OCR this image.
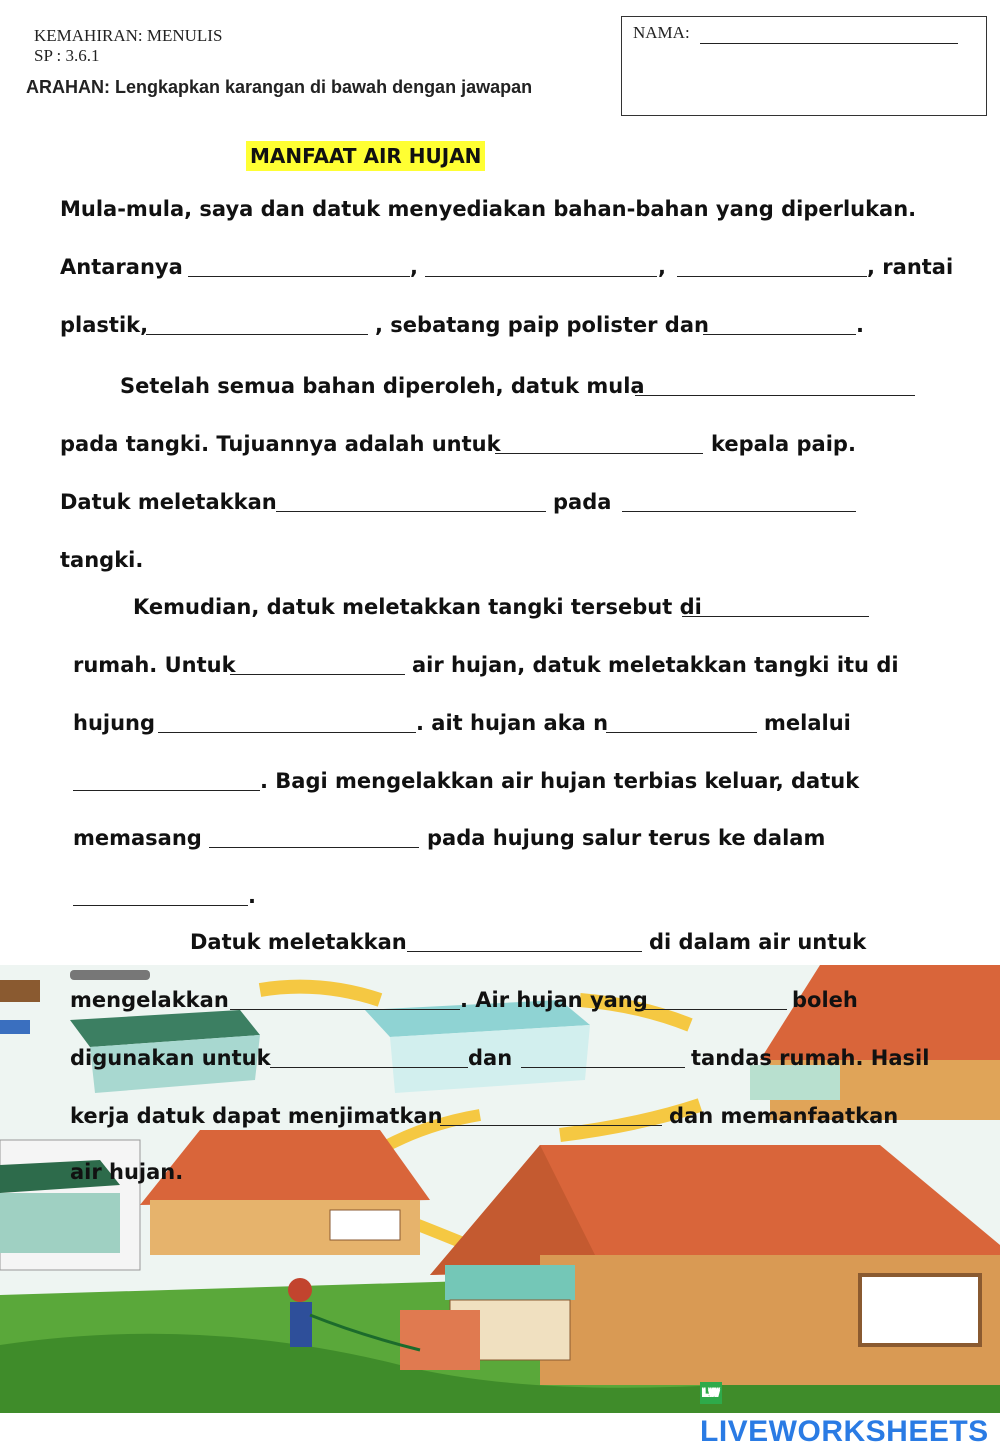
NAMA:
KEMAHIRAN: MENULIS
SP : 3.6.1
ARAHAN: Lengkapkan karangan di bawah dengan jawapan
MANFAAT AIR HUJAN
Mula-mula, saya dan datuk menyediakan bahan-bahan yang diperlukan.
Antaranya	,	,	, rantai
plastik,	, sebatang paip polister dan	.
Setelah semua bahan diperoleh, datuk mula
pada tangki. Tujuannya adalah untuk	kepala paip.
Datuk meletakkan	pada
tangki.
Kemudian, datuk meletakkan tangki tersebut di
rumah. Untuk	air hujan, datuk meletakkan tangki itu di
hujung	. ait hujan aka n	melalui
. Bagi mengelakkan air hujan terbias keluar, datuk
memasang	pada hujung salur terus ke dalam
.
Datuk meletakkan	di dalam air untuk
mengelakkan	. Air hujan yang	boleh
digunakan untuk	dan	tandas rumah. Hasil
kerja datuk dapat menjimatkan	dan memanfaatkan
air hujan.
LWLIVEWORKSHEETS
